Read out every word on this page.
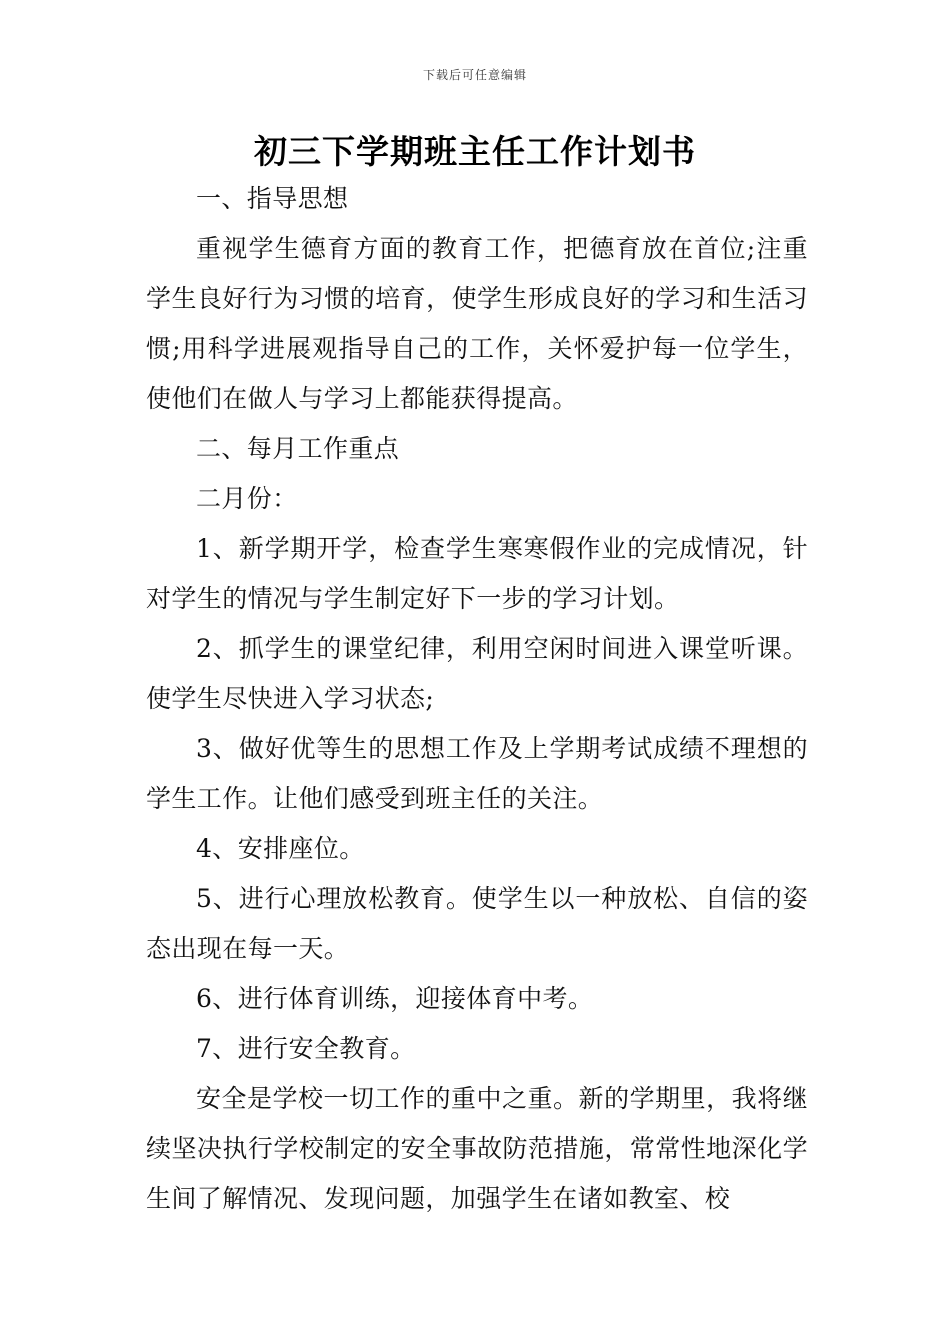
下载后可任意编辑
初三下学期班主任工作计划书

一、指导思想

重视学生德育方面的教育工作，把德育放在首位;注重学生良好行为习惯的培育，使学生形成良好的学习和生活习惯;用科学进展观指导自己的工作，关怀爱护每一位学生，使他们在做人与学习上都能获得提高。

二、每月工作重点

二月份：

1、新学期开学，检查学生寒寒假作业的完成情况，针对学生的情况与学生制定好下一步的学习计划。

2、抓学生的课堂纪律，利用空闲时间进入课堂听课。使学生尽快进入学习状态;

3、做好优等生的思想工作及上学期考试成绩不理想的学生工作。让他们感受到班主任的关注。

4、安排座位。

5、进行心理放松教育。使学生以一种放松、自信的姿态出现在每一天。

6、进行体育训练，迎接体育中考。

7、进行安全教育。

安全是学校一切工作的重中之重。新的学期里，我将继续坚决执行学校制定的安全事故防范措施，常常性地深化学生间了解情况、发现问题，加强学生在诸如教室、校
